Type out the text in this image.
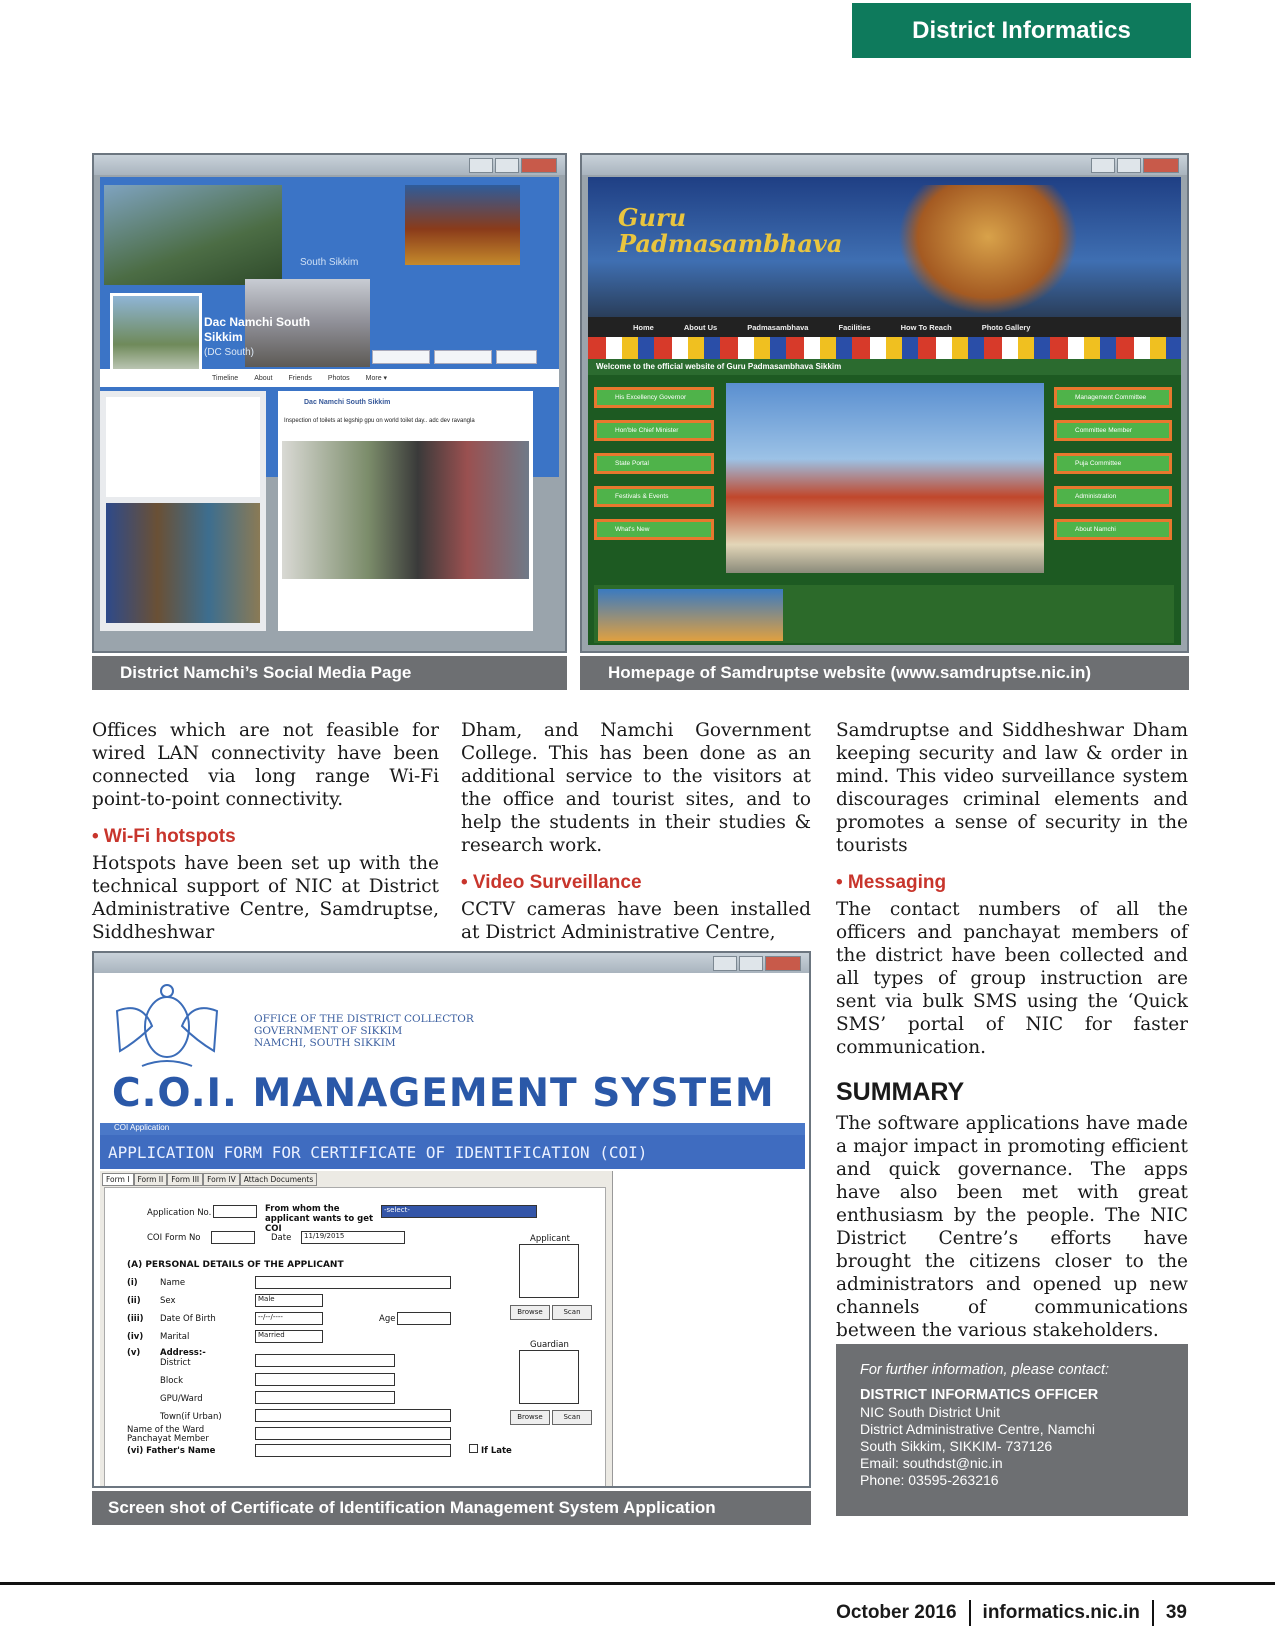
District Informatics
South Sikkim
Dac Namchi South Sikkim
(DC South)
Timeline About Friends Photos More ▾
Dac Namchi South Sikkim
Inspection of toilets at legship gpu on world toilet day.. adc dev ravangla
District Namchi’s Social Media Page
Guru Padmasambhava
Home	About Us	Padmasambhava	Facilities	How To Reach	Photo Gallery
Welcome to the official website of Guru Padmasambhava Sikkim
His Excellency Governor
Hon'ble Chief Minister
State Portal
Festivals & Events
What's New
Management Committee
Committee Member
Puja Committee
Administration
About Namchi
Homepage of Samdruptse website (www.samdruptse.nic.in)

Offices which are not feasible for wired LAN connectivity have been connected via long range Wi-Fi point-to-point connectivity.

• Wi-Fi hotspots

Hotspots have been set up with the technical support of NIC at District Administrative Centre, Samdruptse, Siddheshwar

Dham, and Namchi Government College. This has been done as an additional service to the visitors at the office and tourist sites, and to help the students in their studies & research work.

• Video Surveillance

CCTV cameras have been installed at District Administrative Centre,

Samdruptse and Siddheshwar Dham keeping security and law & order in mind. This video surveillance system discourages criminal elements and promotes a sense of security in the tourists

• Messaging

The contact numbers of all the officers and panchayat members of the district have been collected and all types of group instruction are sent via bulk SMS using the ‘Quick SMS’ portal of NIC for faster communication.

SUMMARY

The software applications have made a major impact in promoting efficient and quick governance. The apps have also been met with great enthusiasm by the people. The NIC District Centre’s efforts have brought the citizens closer to the administrators and opened up new channels of communications between the various stakeholders.

OFFICE OF THE DISTRICT COLLECTOR
GOVERNMENT OF SIKKIM
NAMCHI, SOUTH SIKKIM
C.O.I. MANAGEMENT SYSTEM
COI Application
APPLICATION FORM FOR CERTIFICATE OF IDENTIFICATION (COI)
Form I	Form II	Form III	Form IV	Attach Documents
Application No.	From whom the applicant wants to get COI
-select-
COI Form No	Date	11/19/2015
(A) PERSONAL DETAILS OF THE APPLICANT
(i)	Name
(ii) Sex	Male
(iii) Date Of Birth	--/--/----	Age
(iv) Marital	Married
(v) Address:-
District
Block
GPU/Ward
Town(if Urban)
Name of the Ward Panchayat Member
(vi) Father's Name	If Late
Applicant
Browse	Scan
Guardian
Browse	Scan
Screen shot of Certificate of Identification Management System Application
For further information, please contact:
DISTRICT INFORMATICS OFFICER
NIC South District Unit
District Administrative Centre, Namchi
South Sikkim, SIKKIM- 737126
Email: southdst@nic.in
Phone: 03595-263216
October 2016 informatics.nic.in 39
